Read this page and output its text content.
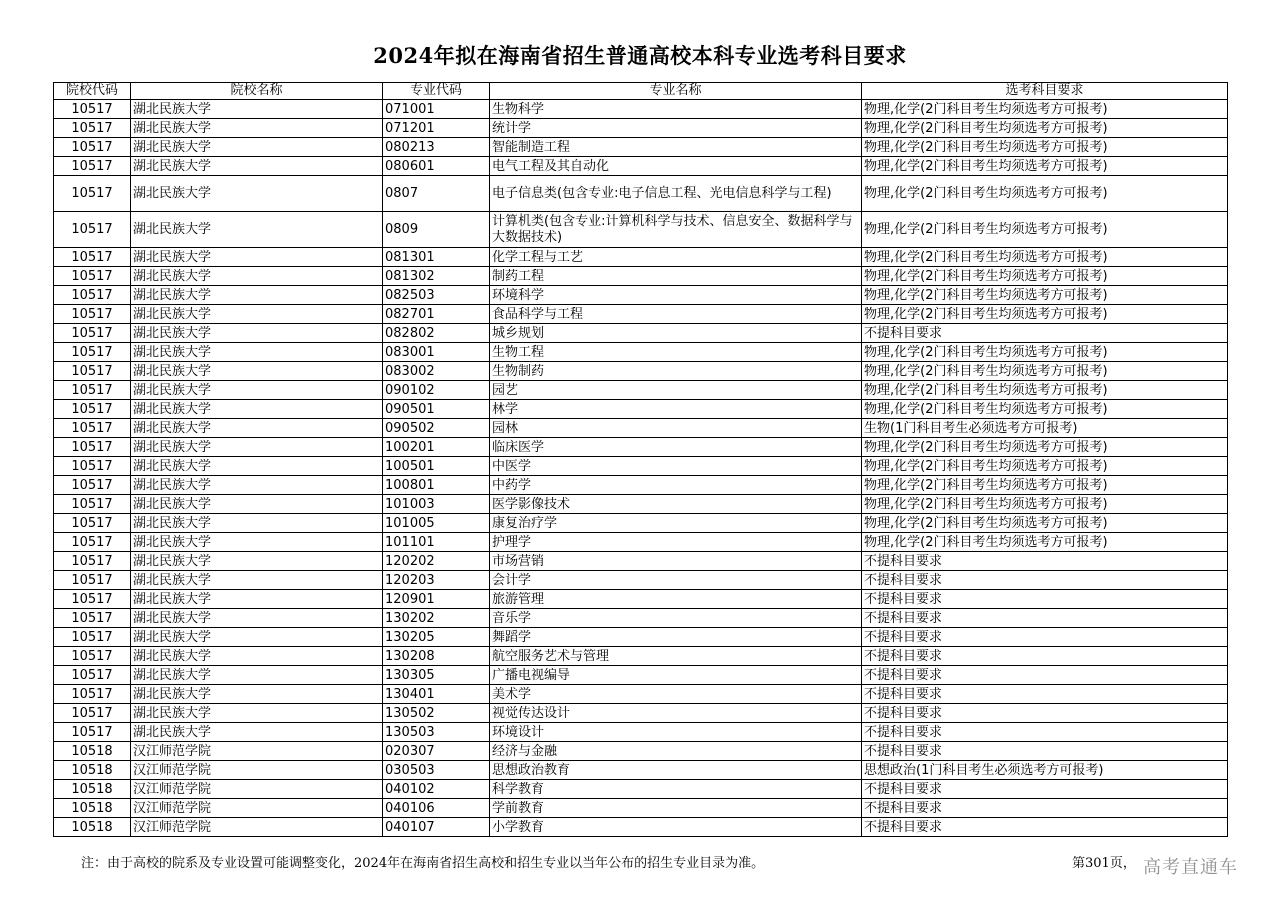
2024年拟在海南省招生普通高校本科专业选考科目要求
院校代码	院校名称	专业代码	专业名称	选考科目要求
10517	湖北民族大学	071001	生物科学	物理,化学(2门科目考生均须选考方可报考)
10517	湖北民族大学	071201	统计学	物理,化学(2门科目考生均须选考方可报考)
10517	湖北民族大学	080213	智能制造工程	物理,化学(2门科目考生均须选考方可报考)
10517	湖北民族大学	080601	电气工程及其自动化	物理,化学(2门科目考生均须选考方可报考)
10517	湖北民族大学	0807	电子信息类(包含专业:电子信息工程、光电信息科学与工程)	物理,化学(2门科目考生均须选考方可报考)
10517	湖北民族大学	0809	计算机类(包含专业:计算机科学与技术、信息安全、数据科学与大数据技术)	物理,化学(2门科目考生均须选考方可报考)
10517	湖北民族大学	081301	化学工程与工艺	物理,化学(2门科目考生均须选考方可报考)
10517	湖北民族大学	081302	制药工程	物理,化学(2门科目考生均须选考方可报考)
10517	湖北民族大学	082503	环境科学	物理,化学(2门科目考生均须选考方可报考)
10517	湖北民族大学	082701	食品科学与工程	物理,化学(2门科目考生均须选考方可报考)
10517	湖北民族大学	082802	城乡规划	不提科目要求
10517	湖北民族大学	083001	生物工程	物理,化学(2门科目考生均须选考方可报考)
10517	湖北民族大学	083002	生物制药	物理,化学(2门科目考生均须选考方可报考)
10517	湖北民族大学	090102	园艺	物理,化学(2门科目考生均须选考方可报考)
10517	湖北民族大学	090501	林学	物理,化学(2门科目考生均须选考方可报考)
10517	湖北民族大学	090502	园林	生物(1门科目考生必须选考方可报考)
10517	湖北民族大学	100201	临床医学	物理,化学(2门科目考生均须选考方可报考)
10517	湖北民族大学	100501	中医学	物理,化学(2门科目考生均须选考方可报考)
10517	湖北民族大学	100801	中药学	物理,化学(2门科目考生均须选考方可报考)
10517	湖北民族大学	101003	医学影像技术	物理,化学(2门科目考生均须选考方可报考)
10517	湖北民族大学	101005	康复治疗学	物理,化学(2门科目考生均须选考方可报考)
10517	湖北民族大学	101101	护理学	物理,化学(2门科目考生均须选考方可报考)
10517	湖北民族大学	120202	市场营销	不提科目要求
10517	湖北民族大学	120203	会计学	不提科目要求
10517	湖北民族大学	120901	旅游管理	不提科目要求
10517	湖北民族大学	130202	音乐学	不提科目要求
10517	湖北民族大学	130205	舞蹈学	不提科目要求
10517	湖北民族大学	130208	航空服务艺术与管理	不提科目要求
10517	湖北民族大学	130305	广播电视编导	不提科目要求
10517	湖北民族大学	130401	美术学	不提科目要求
10517	湖北民族大学	130502	视觉传达设计	不提科目要求
10517	湖北民族大学	130503	环境设计	不提科目要求
10518	汉江师范学院	020307	经济与金融	不提科目要求
10518	汉江师范学院	030503	思想政治教育	思想政治(1门科目考生必须选考方可报考)
10518	汉江师范学院	040102	科学教育	不提科目要求
10518	汉江师范学院	040106	学前教育	不提科目要求
10518	汉江师范学院	040107	小学教育	不提科目要求
注：由于高校的院系及专业设置可能调整变化，2024年在海南省招生高校和招生专业以当年公布的招生专业目录为准。	第301页， 高考直通车
